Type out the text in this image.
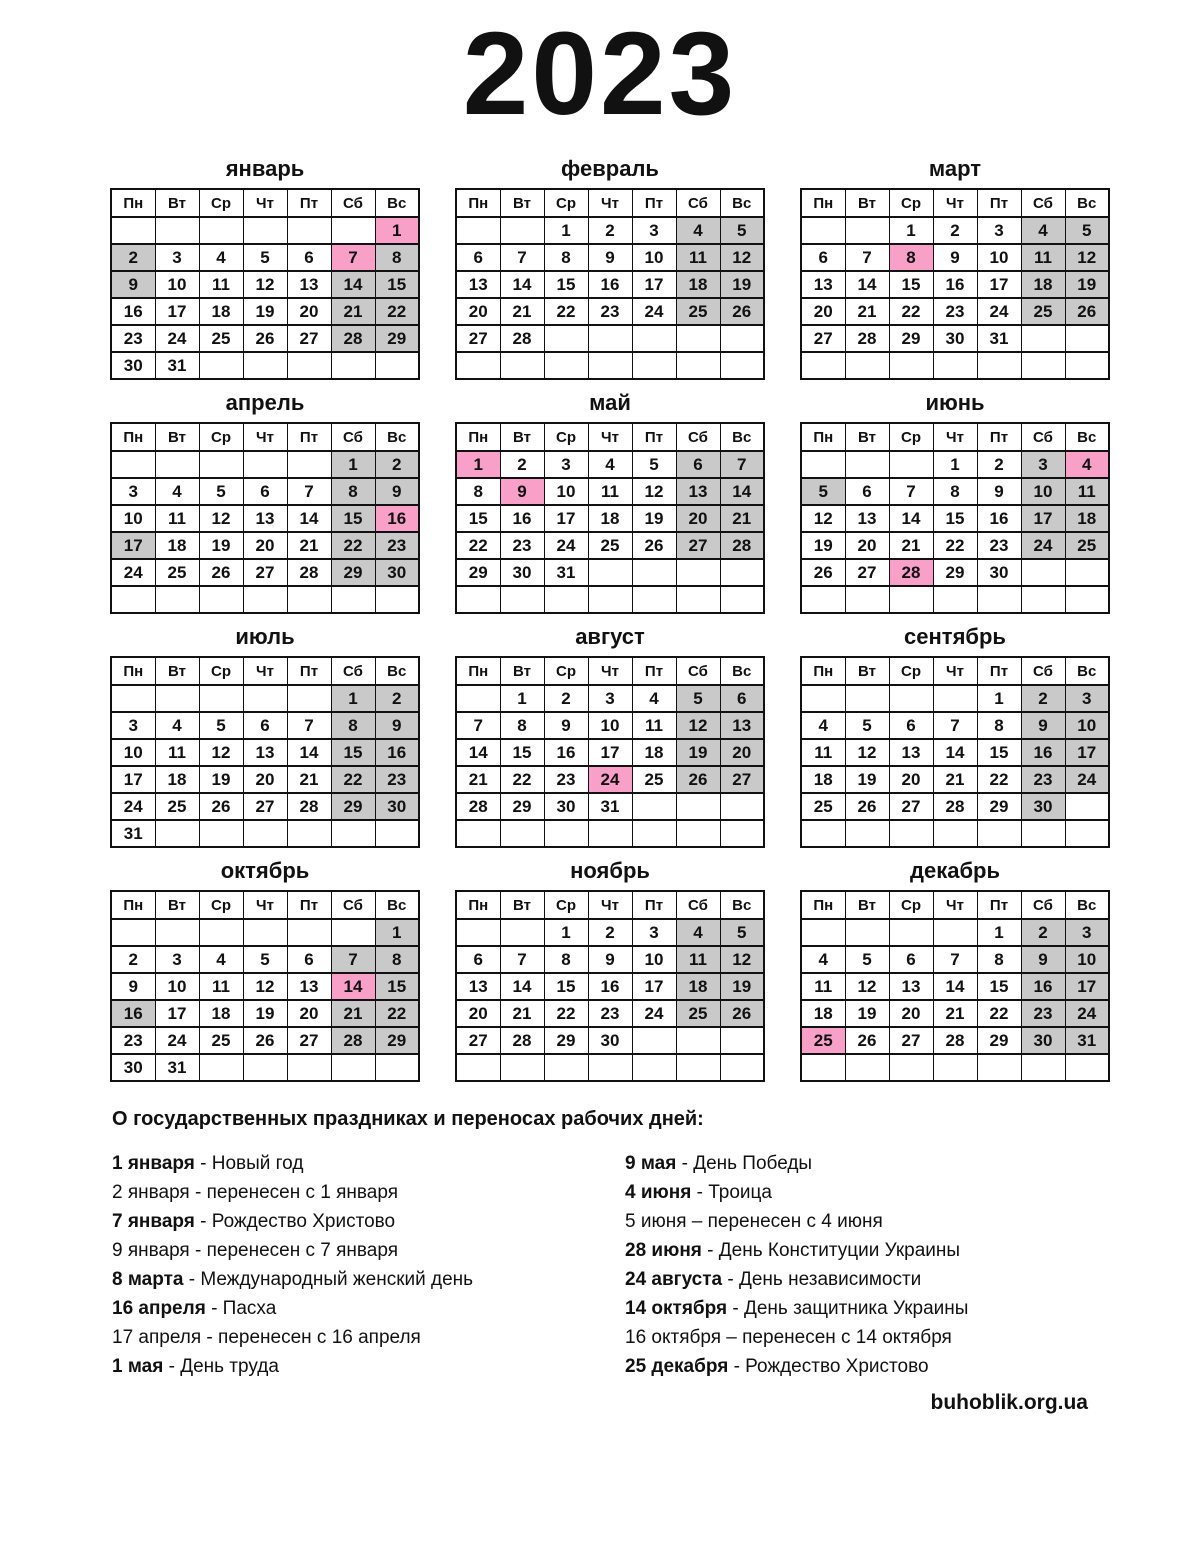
2023
январь
Пн	Вт	Ср	Чт	Пт	Сб	Вс
						1
2	3	4	5	6	7	8
9	10	11	12	13	14	15
16	17	18	19	20	21	22
23	24	25	26	27	28	29
30	31					
февраль
Пн	Вт	Ср	Чт	Пт	Сб	Вс
		1	2	3	4	5
6	7	8	9	10	11	12
13	14	15	16	17	18	19
20	21	22	23	24	25	26
27	28					

март
Пн	Вт	Ср	Чт	Пт	Сб	Вс
		1	2	3	4	5
6	7	8	9	10	11	12
13	14	15	16	17	18	19
20	21	22	23	24	25	26
27	28	29	30	31		

апрель
Пн	Вт	Ср	Чт	Пт	Сб	Вс
					1	2
3	4	5	6	7	8	9
10	11	12	13	14	15	16
17	18	19	20	21	22	23
24	25	26	27	28	29	30

май
Пн	Вт	Ср	Чт	Пт	Сб	Вс
1	2	3	4	5	6	7
8	9	10	11	12	13	14
15	16	17	18	19	20	21
22	23	24	25	26	27	28
29	30	31				

июнь
Пн	Вт	Ср	Чт	Пт	Сб	Вс
			1	2	3	4
5	6	7	8	9	10	11
12	13	14	15	16	17	18
19	20	21	22	23	24	25
26	27	28	29	30		

июль
Пн	Вт	Ср	Чт	Пт	Сб	Вс
					1	2
3	4	5	6	7	8	9
10	11	12	13	14	15	16
17	18	19	20	21	22	23
24	25	26	27	28	29	30
31						
август
Пн	Вт	Ср	Чт	Пт	Сб	Вс
	1	2	3	4	5	6
7	8	9	10	11	12	13
14	15	16	17	18	19	20
21	22	23	24	25	26	27
28	29	30	31			

сентябрь
Пн	Вт	Ср	Чт	Пт	Сб	Вс
				1	2	3
4	5	6	7	8	9	10
11	12	13	14	15	16	17
18	19	20	21	22	23	24
25	26	27	28	29	30	

октябрь
Пн	Вт	Ср	Чт	Пт	Сб	Вс
						1
2	3	4	5	6	7	8
9	10	11	12	13	14	15
16	17	18	19	20	21	22
23	24	25	26	27	28	29
30	31					
ноябрь
Пн	Вт	Ср	Чт	Пт	Сб	Вс
		1	2	3	4	5
6	7	8	9	10	11	12
13	14	15	16	17	18	19
20	21	22	23	24	25	26
27	28	29	30			

декабрь
Пн	Вт	Ср	Чт	Пт	Сб	Вс
				1	2	3
4	5	6	7	8	9	10
11	12	13	14	15	16	17
18	19	20	21	22	23	24
25	26	27	28	29	30	31

О государственных праздниках и переносах рабочих дней:
1 января - Новый год
2 января - перенесен с 1 января
7 января - Рождество Христово
9 января - перенесен с 7 января
8 марта - Международный женский день
16 апреля - Пасха
17 апреля - перенесен с 16 апреля
1 мая - День труда
9 мая - День Победы
4 июня - Троица
5 июня – перенесен с 4 июня
28 июня - День Конституции Украины
24 августа - День независимости
14 октября - День защитника Украины
16 октября – перенесен с 14 октября
25 декабря - Рождество Христово
buhoblik.org.ua
